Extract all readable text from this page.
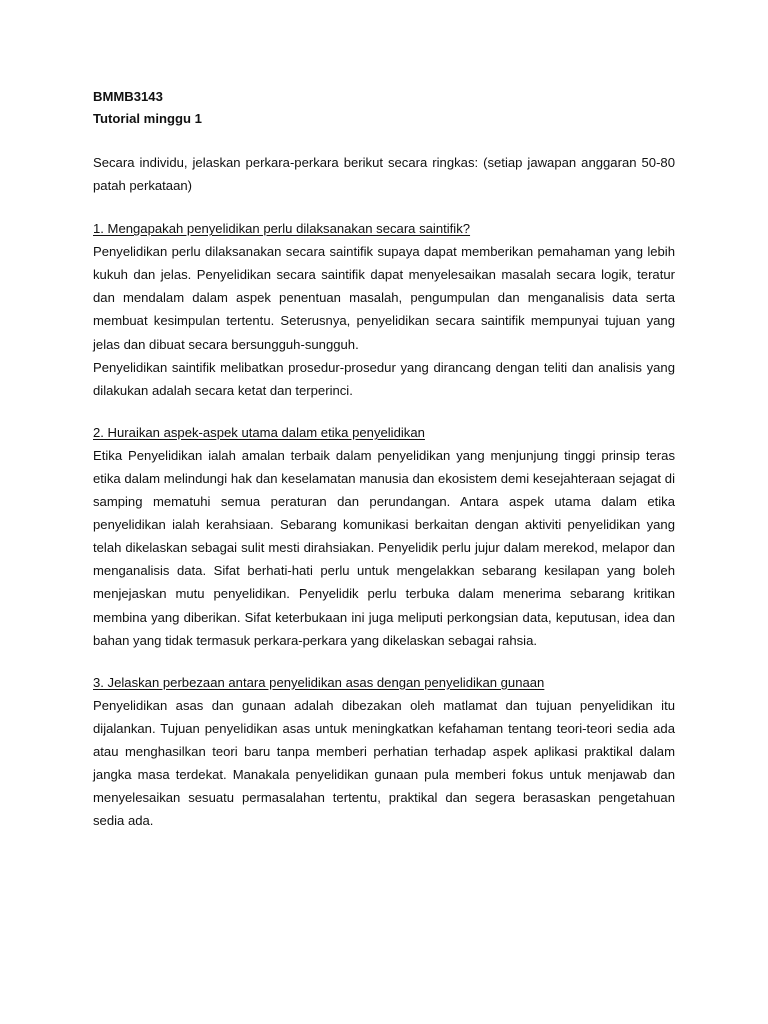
BMMB3143

Tutorial minggu 1

Secara individu, jelaskan perkara-perkara berikut secara ringkas: (setiap jawapan anggaran 50-80 patah perkataan)

1. Mengapakah penyelidikan perlu dilaksanakan secara saintifik?

Penyelidikan perlu dilaksanakan secara saintifik supaya dapat memberikan pemahaman yang lebih kukuh dan jelas. Penyelidikan secara saintifik dapat menyelesaikan masalah secara logik, teratur dan mendalam dalam aspek penentuan masalah, pengumpulan dan menganalisis data serta membuat kesimpulan tertentu. Seterusnya, penyelidikan secara saintifik mempunyai tujuan yang jelas dan dibuat secara bersungguh-sungguh.

Penyelidikan saintifik melibatkan prosedur-prosedur yang dirancang dengan teliti dan analisis yang dilakukan adalah secara ketat dan terperinci.

2. Huraikan aspek-aspek utama dalam etika penyelidikan

Etika Penyelidikan ialah amalan terbaik dalam penyelidikan yang menjunjung tinggi prinsip teras etika dalam melindungi hak dan keselamatan manusia dan ekosistem demi kesejahteraan sejagat di samping mematuhi semua peraturan dan perundangan. Antara aspek utama dalam etika penyelidikan ialah kerahsiaan. Sebarang komunikasi berkaitan dengan aktiviti penyelidikan yang telah dikelaskan sebagai sulit mesti dirahsiakan. Penyelidik perlu jujur dalam merekod, melapor dan menganalisis data. Sifat berhati-hati perlu untuk mengelakkan sebarang kesilapan yang boleh menjejaskan mutu penyelidikan. Penyelidik perlu terbuka dalam menerima sebarang kritikan membina yang diberikan. Sifat keterbukaan ini juga meliputi perkongsian data, keputusan, idea dan bahan yang tidak termasuk perkara-perkara yang dikelaskan sebagai rahsia.

3. Jelaskan perbezaan antara penyelidikan asas dengan penyelidikan gunaan

Penyelidikan asas dan gunaan adalah dibezakan oleh matlamat dan tujuan penyelidikan itu dijalankan. Tujuan penyelidikan asas untuk meningkatkan kefahaman tentang teori-teori sedia ada atau menghasilkan teori baru tanpa memberi perhatian terhadap aspek aplikasi praktikal dalam jangka masa terdekat. Manakala penyelidikan gunaan pula memberi fokus untuk menjawab dan menyelesaikan sesuatu permasalahan tertentu, praktikal dan segera berasaskan pengetahuan sedia ada.
